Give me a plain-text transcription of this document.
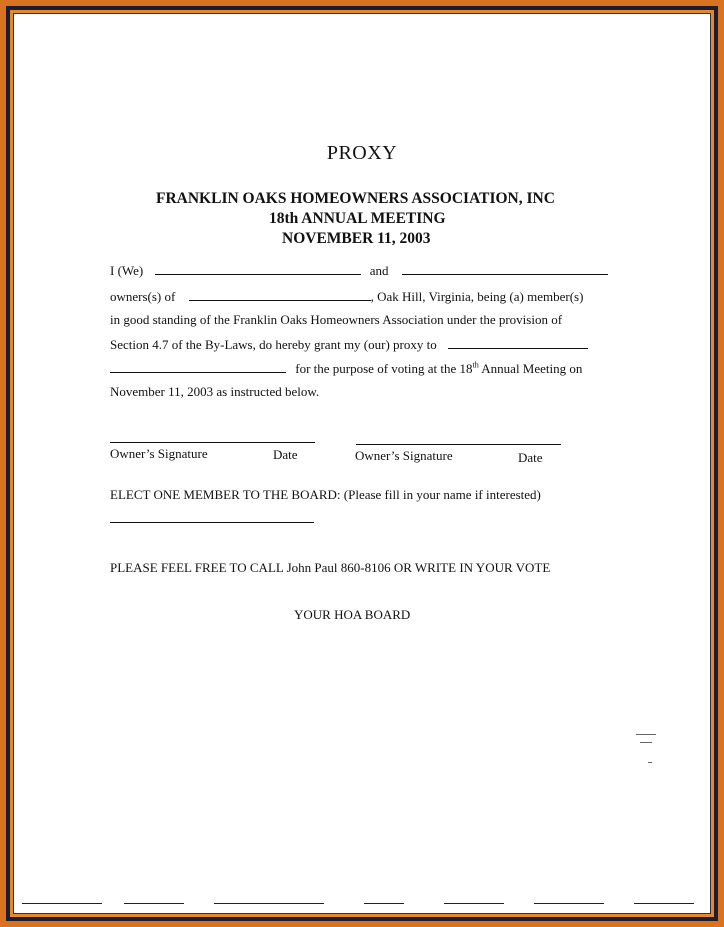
PROXY
FRANKLIN OAKS HOMEOWNERS ASSOCIATION, INC
18th ANNUAL MEETING
NOVEMBER 11, 2003
I (We)	and
owners(s) of	, Oak Hill, Virginia, being (a) member(s)
in good standing of the Franklin Oaks Homeowners Association under the provision of
Section 4.7 of the By-Laws, do hereby grant my (our) proxy to
for the purpose of voting at the 18th Annual Meeting on
November 11, 2003 as instructed below.
Owner’s Signature	Date	Owner’s Signature	Date
ELECT ONE MEMBER TO THE BOARD: (Please fill in your name if interested)
PLEASE FEEL FREE TO CALL John Paul 860-8106 OR WRITE IN YOUR VOTE
YOUR HOA BOARD
